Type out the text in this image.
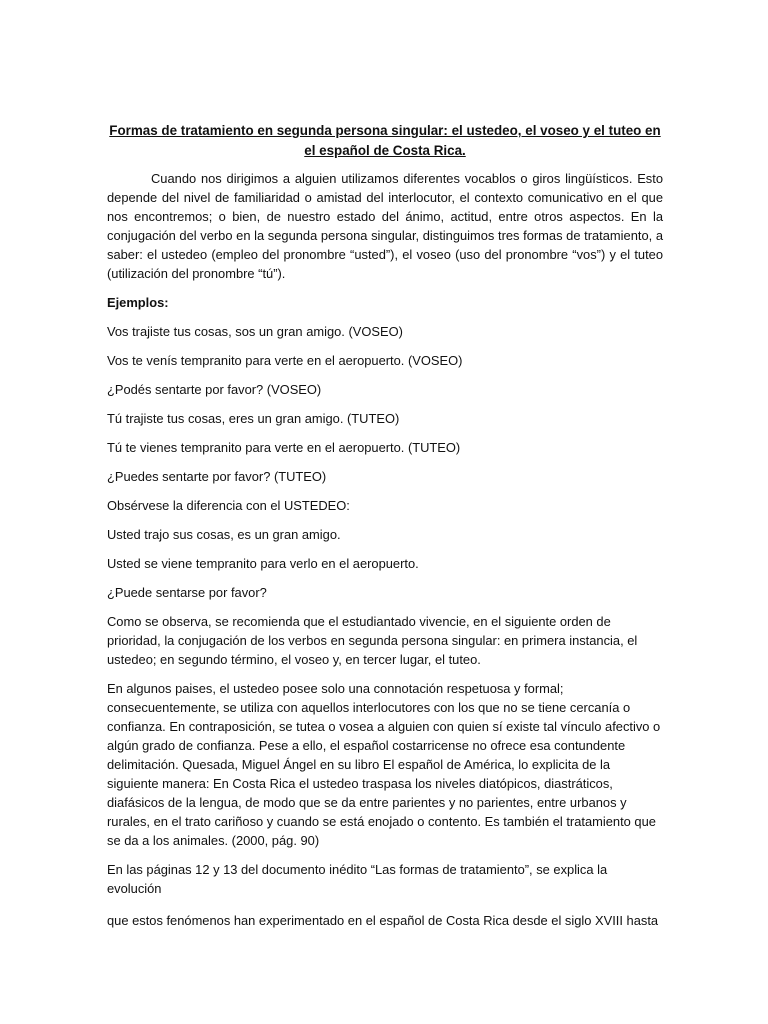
Formas de tratamiento en segunda persona singular: el ustedeo, el voseo y el tuteo en el español de Costa Rica.

Cuando nos dirigimos a alguien utilizamos diferentes vocablos o giros lingüísticos. Esto depende del nivel de familiaridad o amistad del interlocutor, el contexto comunicativo en el que nos encontremos; o bien, de nuestro estado del ánimo, actitud, entre otros aspectos. En la conjugación del verbo en la segunda persona singular, distinguimos tres formas de tratamiento, a saber: el ustedeo (empleo del pronombre “usted”), el voseo (uso del pronombre “vos”) y el tuteo (utilización del pronombre “tú”).

Ejemplos:

Vos trajiste tus cosas, sos un gran amigo. (VOSEO)

Vos te venís tempranito para verte en el aeropuerto. (VOSEO)

¿Podés sentarte por favor? (VOSEO)

Tú trajiste tus cosas, eres un gran amigo. (TUTEO)

Tú te vienes tempranito para verte en el aeropuerto. (TUTEO)

¿Puedes sentarte por favor? (TUTEO)

Obsérvese la diferencia con el USTEDEO:

Usted trajo sus cosas, es un gran amigo.

Usted se viene tempranito para verlo en el aeropuerto.

¿Puede sentarse por favor?

Como se observa, se recomienda que el estudiantado vivencie, en el siguiente orden de prioridad, la conjugación de los verbos en segunda persona singular: en primera instancia, el ustedeo; en segundo término, el voseo y, en tercer lugar, el tuteo.

En algunos paises, el ustedeo posee solo una connotación respetuosa y formal; consecuentemente, se utiliza con aquellos interlocutores con los que no se tiene cercanía o confianza. En contraposición, se tutea o vosea a alguien con quien sí existe tal vínculo afectivo o algún grado de confianza. Pese a ello, el español costarricense no ofrece esa contundente delimitación. Quesada, Miguel Ángel en su libro El español de América, lo explicita de la siguiente manera: En Costa Rica el ustedeo traspasa los niveles diatópicos, diastráticos, diafásicos de la lengua, de modo que se da entre parientes y no parientes, entre urbanos y rurales, en el trato cariñoso y cuando se está enojado o contento. Es también el tratamiento que se da a los animales. (2000, pág. 90)

En las páginas 12 y 13 del documento inédito “Las formas de tratamiento”, se explica la evolución

que estos fenómenos han experimentado en el español de Costa Rica desde el siglo XVIII hasta
